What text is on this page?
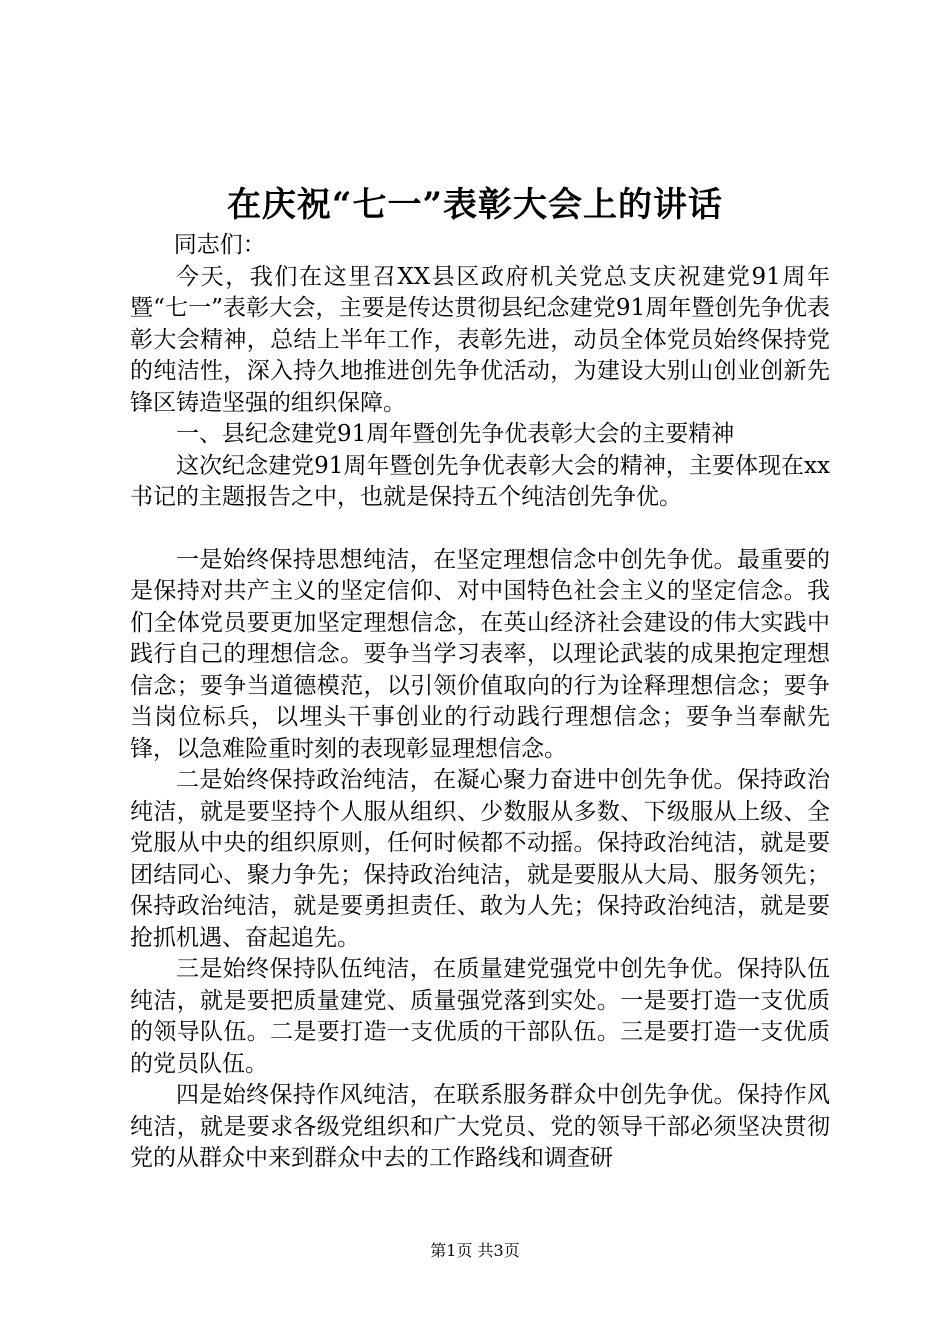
在庆祝“七一”表彰大会上的讲话

同志们：

今天，我们在这里召XX县区政府机关党总支庆祝建党91周年暨“七一”表彰大会，主要是传达贯彻县纪念建党91周年暨创先争优表彰大会精神，总结上半年工作，表彰先进，动员全体党员始终保持党的纯洁性，深入持久地推进创先争优活动，为建设大别山创业创新先锋区铸造坚强的组织保障。

一、县纪念建党91周年暨创先争优表彰大会的主要精神

这次纪念建党91周年暨创先争优表彰大会的精神，主要体现在xx书记的主题报告之中，也就是保持五个纯洁创先争优。

一是始终保持思想纯洁，在坚定理想信念中创先争优。最重要的是保持对共产主义的坚定信仰、对中国特色社会主义的坚定信念。我们全体党员要更加坚定理想信念，在英山经济社会建设的伟大实践中践行自己的理想信念。要争当学习表率，以理论武装的成果抱定理想信念；要争当道德模范，以引领价值取向的行为诠释理想信念；要争当岗位标兵，以埋头干事创业的行动践行理想信念；要争当奉献先锋，以急难险重时刻的表现彰显理想信念。

二是始终保持政治纯洁，在凝心聚力奋进中创先争优。保持政治纯洁，就是要坚持个人服从组织、少数服从多数、下级服从上级、全党服从中央的组织原则，任何时候都不动摇。保持政治纯洁，就是要团结同心、聚力争先；保持政治纯洁，就是要服从大局、服务领先；保持政治纯洁，就是要勇担责任、敢为人先；保持政治纯洁，就是要抢抓机遇、奋起追先。

三是始终保持队伍纯洁，在质量建党强党中创先争优。保持队伍纯洁，就是要把质量建党、质量强党落到实处。一是要打造一支优质的领导队伍。二是要打造一支优质的干部队伍。三是要打造一支优质的党员队伍。

四是始终保持作风纯洁，在联系服务群众中创先争优。保持作风纯洁，就是要求各级党组织和广大党员、党的领导干部必须坚决贯彻党的从群众中来到群众中去的工作路线和调查研

第1页 共3页
